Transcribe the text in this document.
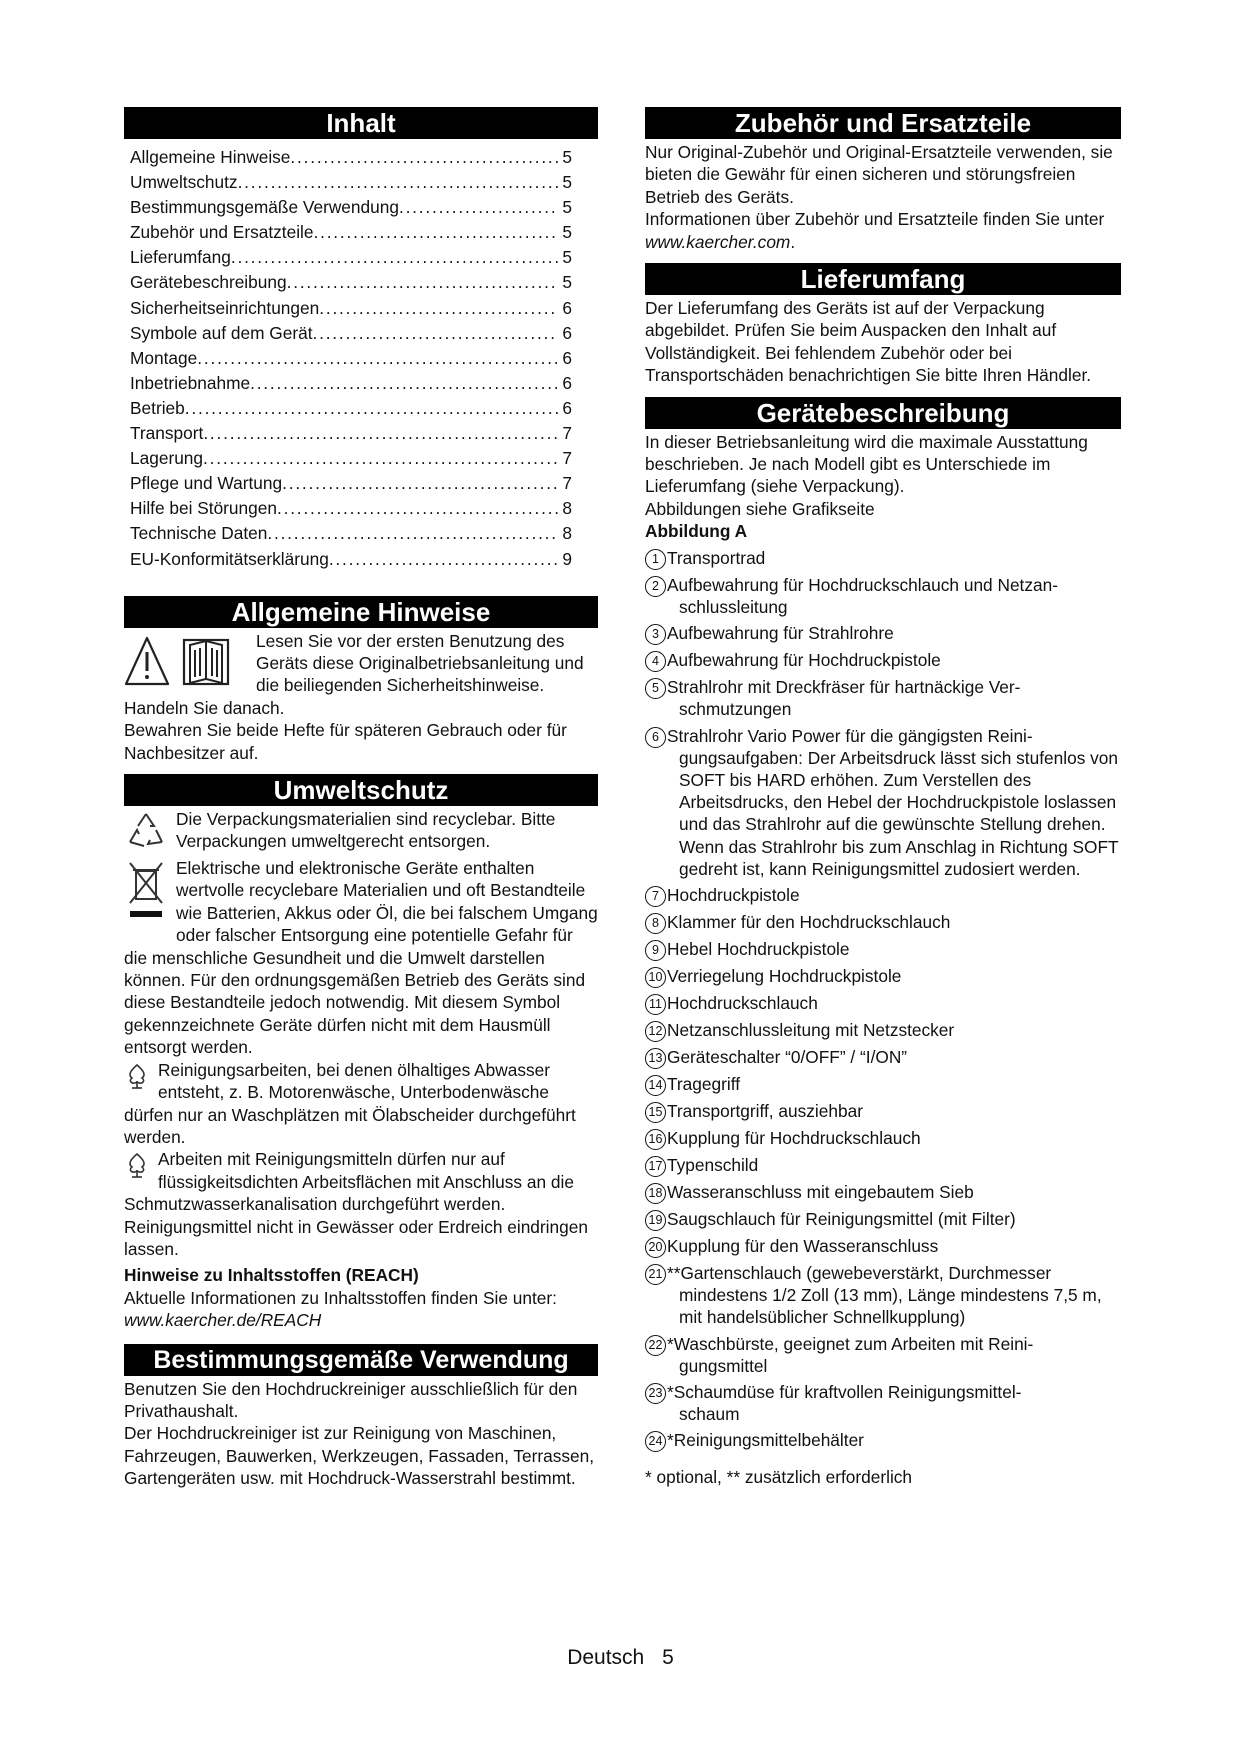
Inhalt
Allgemeine Hinweise . . .	5
Umweltschutz . . .	5
Bestimmungsgemäße Verwendung . . .	5
Zubehör und Ersatzteile . . .	5
Lieferumfang . . .	5
Gerätebeschreibung . . .	5
Sicherheitseinrichtungen . . .	6
Symbole auf dem Gerät . . .	6
Montage . . .	6
Inbetriebnahme . . .	6
Betrieb . . .	6
Transport . . .	7
Lagerung . . .	7
Pflege und Wartung . . .	7
Hilfe bei Störungen . . .	8
Technische Daten . . .	8
EU-Konformitätserklärung . . .	9
Allgemeine Hinweise

Lesen Sie vor der ersten Benutzung des Geräts diese Originalbetriebsanleitung und die beiliegenden Sicherheitshinweise. Handeln Sie danach.

Bewahren Sie beide Hefte für späteren Gebrauch oder für Nachbesitzer auf.

Umweltschutz

Die Verpackungsmaterialien sind recyclebar. Bitte Verpackungen umweltgerecht entsorgen.

Elektrische und elektronische Geräte enthalten wertvolle recyclebare Materialien und oft Bestandteile wie Batterien, Akkus oder Öl, die bei falschem Umgang oder falscher Entsorgung eine potentielle Gefahr für die menschliche Gesundheit und die Umwelt darstellen können. Für den ordnungsgemäßen Betrieb des Geräts sind diese Bestandteile jedoch notwendig. Mit diesem Symbol gekennzeichnete Geräte dürfen nicht mit dem Hausmüll entsorgt werden.

Reinigungsarbeiten, bei denen ölhaltiges Abwasser entsteht, z. B. Motorenwäsche, Unterbodenwäsche dürfen nur an Waschplätzen mit Ölabscheider durchgeführt werden.

Arbeiten mit Reinigungsmitteln dürfen nur auf flüssigkeitsdichten Arbeitsflächen mit Anschluss an die Schmutzwasserkanalisation durchgeführt werden. Reinigungsmittel nicht in Gewässer oder Erdreich eindringen lassen.

Hinweise zu Inhaltsstoffen (REACH)

Aktuelle Informationen zu Inhaltsstoffen finden Sie unter: www.kaercher.de/REACH

Bestimmungsgemäße Verwendung

Benutzen Sie den Hochdruckreiniger ausschließlich für den Privathaushalt.

Der Hochdruckreiniger ist zur Reinigung von Maschinen, Fahrzeugen, Bauwerken, Werkzeugen, Fassaden, Terrassen, Gartengeräten usw. mit Hochdruck-Wasserstrahl bestimmt.

Zubehör und Ersatzteile

Nur Original-Zubehör und Original-Ersatzteile verwenden, sie bieten die Gewähr für einen sicheren und störungsfreien Betrieb des Geräts.

Informationen über Zubehör und Ersatzteile finden Sie unter www.kaercher.com.

Lieferumfang

Der Lieferumfang des Geräts ist auf der Verpackung abgebildet. Prüfen Sie beim Auspacken den Inhalt auf Vollständigkeit. Bei fehlendem Zubehör oder bei Transportschäden benachrichtigen Sie bitte Ihren Händler.

Gerätebeschreibung

In dieser Betriebsanleitung wird die maximale Ausstattung beschrieben. Je nach Modell gibt es Unterschiede im Lieferumfang (siehe Verpackung).

Abbildungen siehe Grafikseite

Abbildung A

1 Transportrad
2 Aufbewahrung für Hochdruckschlauch und Netzan-
schlussleitung
3 Aufbewahrung für Strahlrohre
4 Aufbewahrung für Hochdruckpistole
5 Strahlrohr mit Dreckfräser für hartnäckige Ver-
schmutzungen
6 Strahlrohr Vario Power für die gängigsten Reini-
gungsaufgaben: Der Arbeitsdruck lässt sich stufenlos von SOFT bis HARD erhöhen. Zum Verstellen des Arbeitsdrucks, den Hebel der Hochdruckpistole loslassen und das Strahlrohr auf die gewünschte Stellung drehen. Wenn das Strahlrohr bis zum Anschlag in Richtung SOFT gedreht ist, kann Reinigungsmittel zudosiert werden.
7 Hochdruckpistole
8 Klammer für den Hochdruckschlauch
9 Hebel Hochdruckpistole
10 Verriegelung Hochdruckpistole
11 Hochdruckschlauch
12 Netzanschlussleitung mit Netzstecker
13 Geräteschalter “0/OFF” / “I/ON”
14 Tragegriff
15 Transportgriff, ausziehbar
16 Kupplung für Hochdruckschlauch
17 Typenschild
18 Wasseranschluss mit eingebautem Sieb
19 Saugschlauch für Reinigungsmittel (mit Filter)
20 Kupplung für den Wasseranschluss
21 **Gartenschlauch (gewebeverstärkt, Durchmesser
mindestens 1/2 Zoll (13 mm), Länge mindestens 7,5 m, mit handelsüblicher Schnellkupplung)
22 *Waschbürste, geeignet zum Arbeiten mit Reini-
gungsmittel
23 *Schaumdüse für kraftvollen Reinigungsmittel-
schaum
24 *Reinigungsmittelbehälter

* optional, ** zusätzlich erforderlich

Deutsch 5
